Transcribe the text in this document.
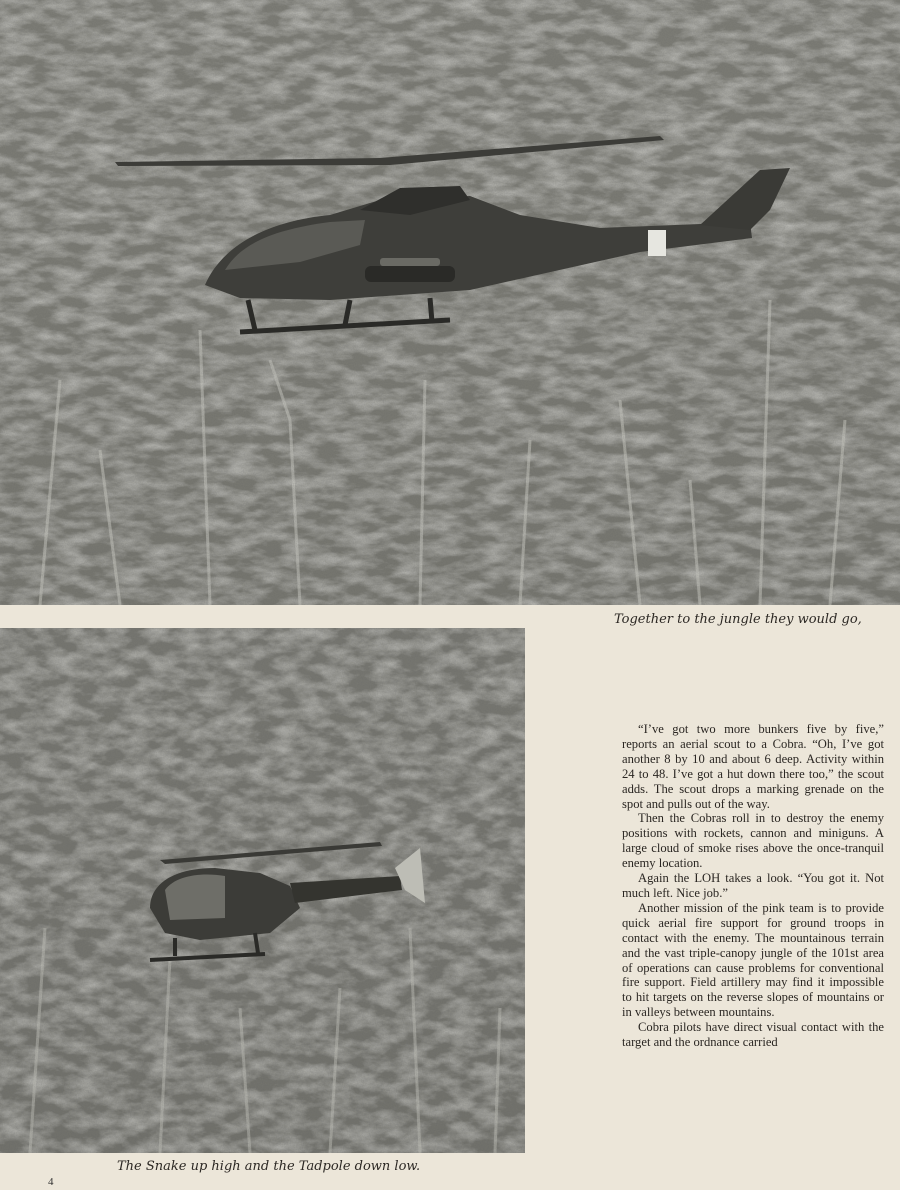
Together to the jungle they would go,
The Snake up high and the Tadpole down low.

“I’ve got two more bunkers five by five,” reports an aerial scout to a Cobra. “Oh, I’ve got another 8 by 10 and about 6 deep. Activity within 24 to 48. I’ve got a hut down there too,” the scout adds. The scout drops a marking grenade on the spot and pulls out of the way.

Then the Cobras roll in to destroy the enemy positions with rockets, cannon and miniguns. A large cloud of smoke rises above the once-tranquil enemy location.

Again the LOH takes a look. “You got it. Not much left. Nice job.”

Another mission of the pink team is to provide quick aerial fire support for ground troops in contact with the enemy. The mountainous terrain and the vast triple-canopy jungle of the 101st area of operations can cause problems for conventional fire support. Field artillery may find it impossible to hit targets on the reverse slopes of mountains or in valleys between mountains.

Cobra pilots have direct visual contact with the target and the ordnance carried

4
